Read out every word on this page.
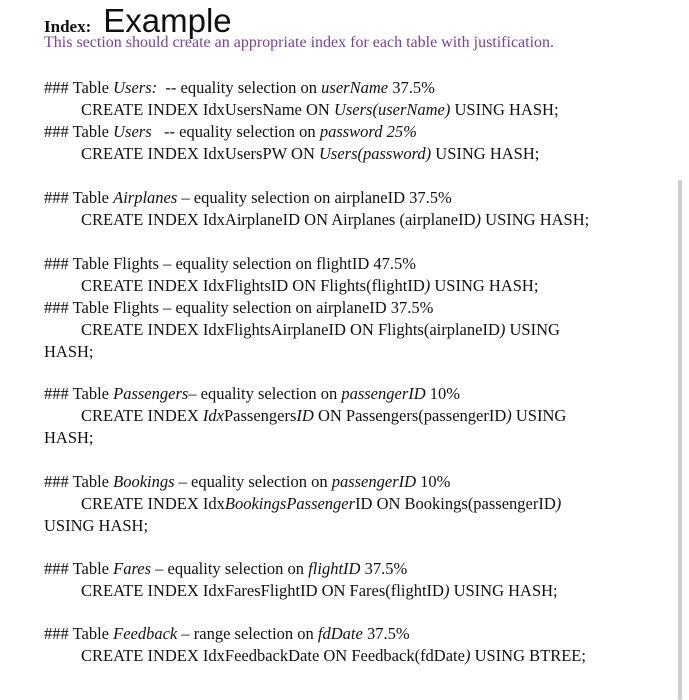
Index: Example
This section should create an appropriate index for each table with justification.
### Table Users:  -- equality selection on userName 37.5%
CREATE INDEX IdxUsersName ON Users(userName) USING HASH;
### Table Users   -- equality selection on password 25%
CREATE INDEX IdxUsersPW ON Users(password) USING HASH;
### Table Airplanes – equality selection on airplaneID 37.5%
CREATE INDEX IdxAirplaneID ON Airplanes (airplaneID) USING HASH;
### Table Flights – equality selection on flightID 47.5%
CREATE INDEX IdxFlightsID ON Flights(flightID) USING HASH;
### Table Flights – equality selection on airplaneID 37.5%
CREATE INDEX IdxFlightsAirplaneID ON Flights(airplaneID) USING
HASH;
### Table Passengers– equality selection on passengerID 10%
CREATE INDEX IdxPassengersID ON Passengers(passengerID) USING
HASH;
### Table Bookings – equality selection on passengerID 10%
CREATE INDEX IdxBookingsPassengerID ON Bookings(passengerID)
USING HASH;
### Table Fares – equality selection on flightID 37.5%
CREATE INDEX IdxFaresFlightID ON Fares(flightID) USING HASH;
### Table Feedback – range selection on fdDate 37.5%
CREATE INDEX IdxFeedbackDate ON Feedback(fdDate) USING BTREE;
